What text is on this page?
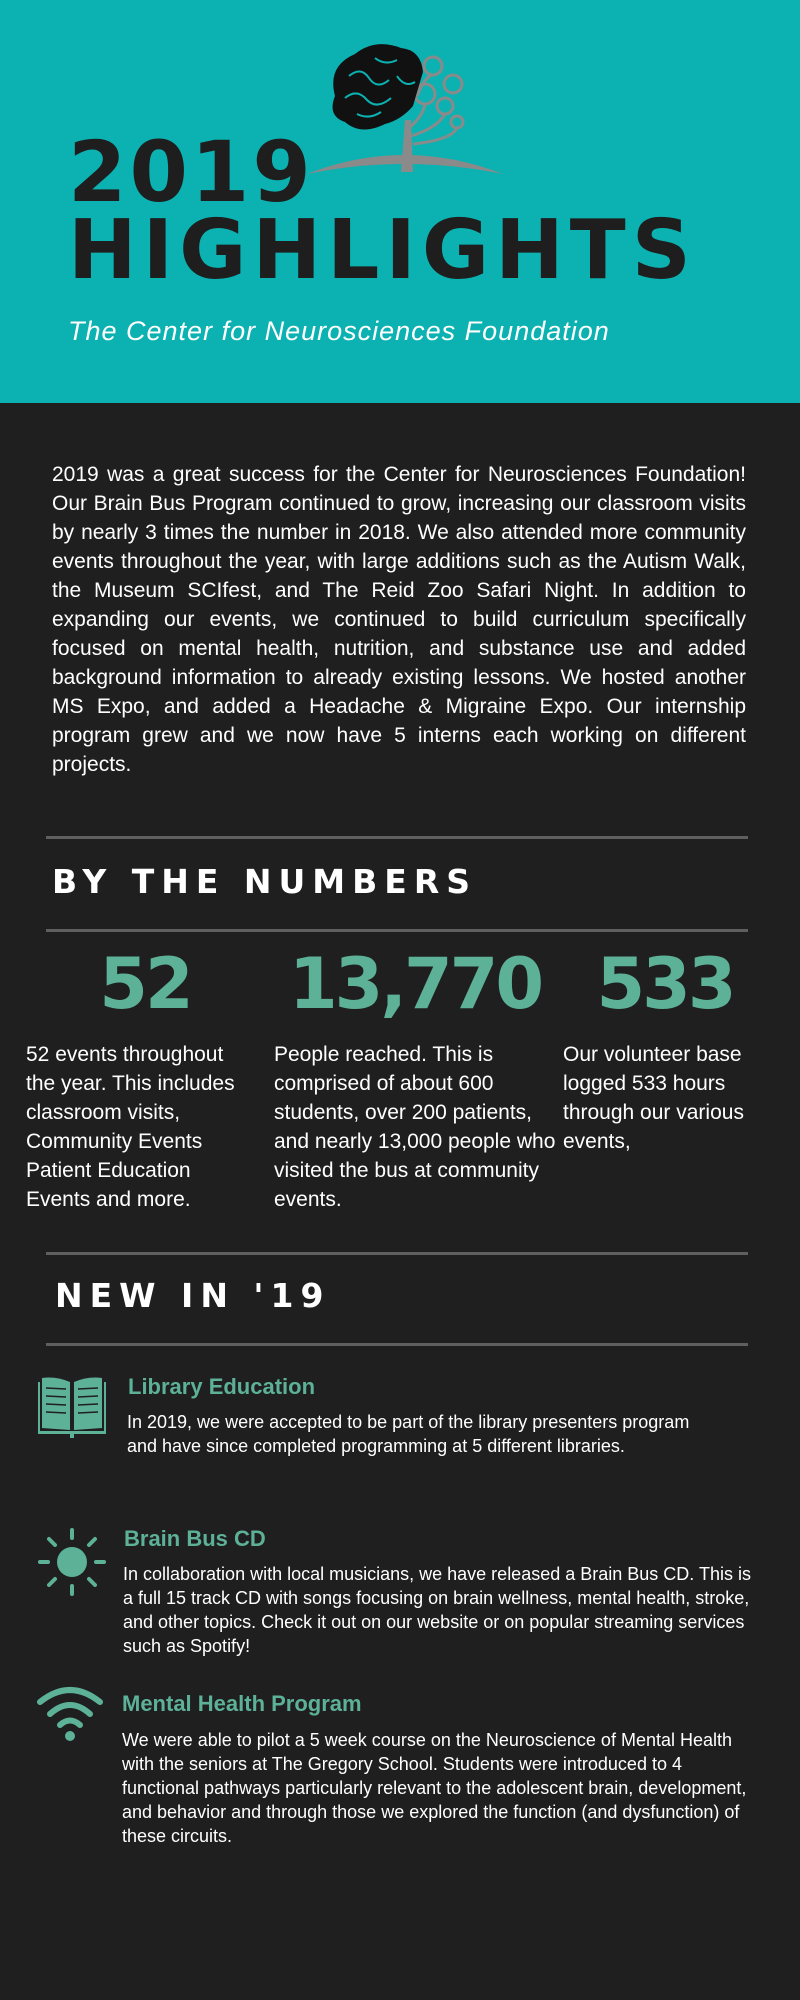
2019
HIGHLIGHTS
The Center for Neurosciences Foundation

2019 was a great success for the Center for Neurosciences Foundation! Our Brain Bus Program continued to grow, increasing our classroom visits by nearly 3 times the number in 2018. We also attended more community events throughout the year, with large additions such as the Autism Walk, the Museum SCIfest, and The Reid Zoo Safari Night. In addition to expanding our events, we continued to build curriculum specifically focused on mental health, nutrition, and substance use and added background information to already existing lessons. We hosted another MS Expo, and added a Headache & Migraine Expo. Our internship program grew and we now have 5 interns each working on different projects.

BY THE NUMBERS
52	13,770 533
52 events throughout the year. This includes classroom visits, Community Events Patient Education Events and more.
People reached. This is comprised of about 600 students, over 200 patients, and nearly 13,000 people who visited the bus at community events.
Our volunteer base logged 533 hours through our various events,
NEW IN '19
Library Education
In 2019, we were accepted to be part of the library presenters program and have since completed programming at 5 different libraries.
Brain Bus CD
In collaboration with local musicians, we have released a Brain Bus CD. This is a full 15 track CD with songs focusing on brain wellness, mental health, stroke, and other topics. Check it out on our website or on popular streaming services such as Spotify!
Mental Health Program
We were able to pilot a 5 week course on the Neuroscience of Mental Health with the seniors at The Gregory School. Students were introduced to 4 functional pathways particularly relevant to the adolescent brain, development, and behavior and through those we explored the function (and dysfunction) of these circuits.
